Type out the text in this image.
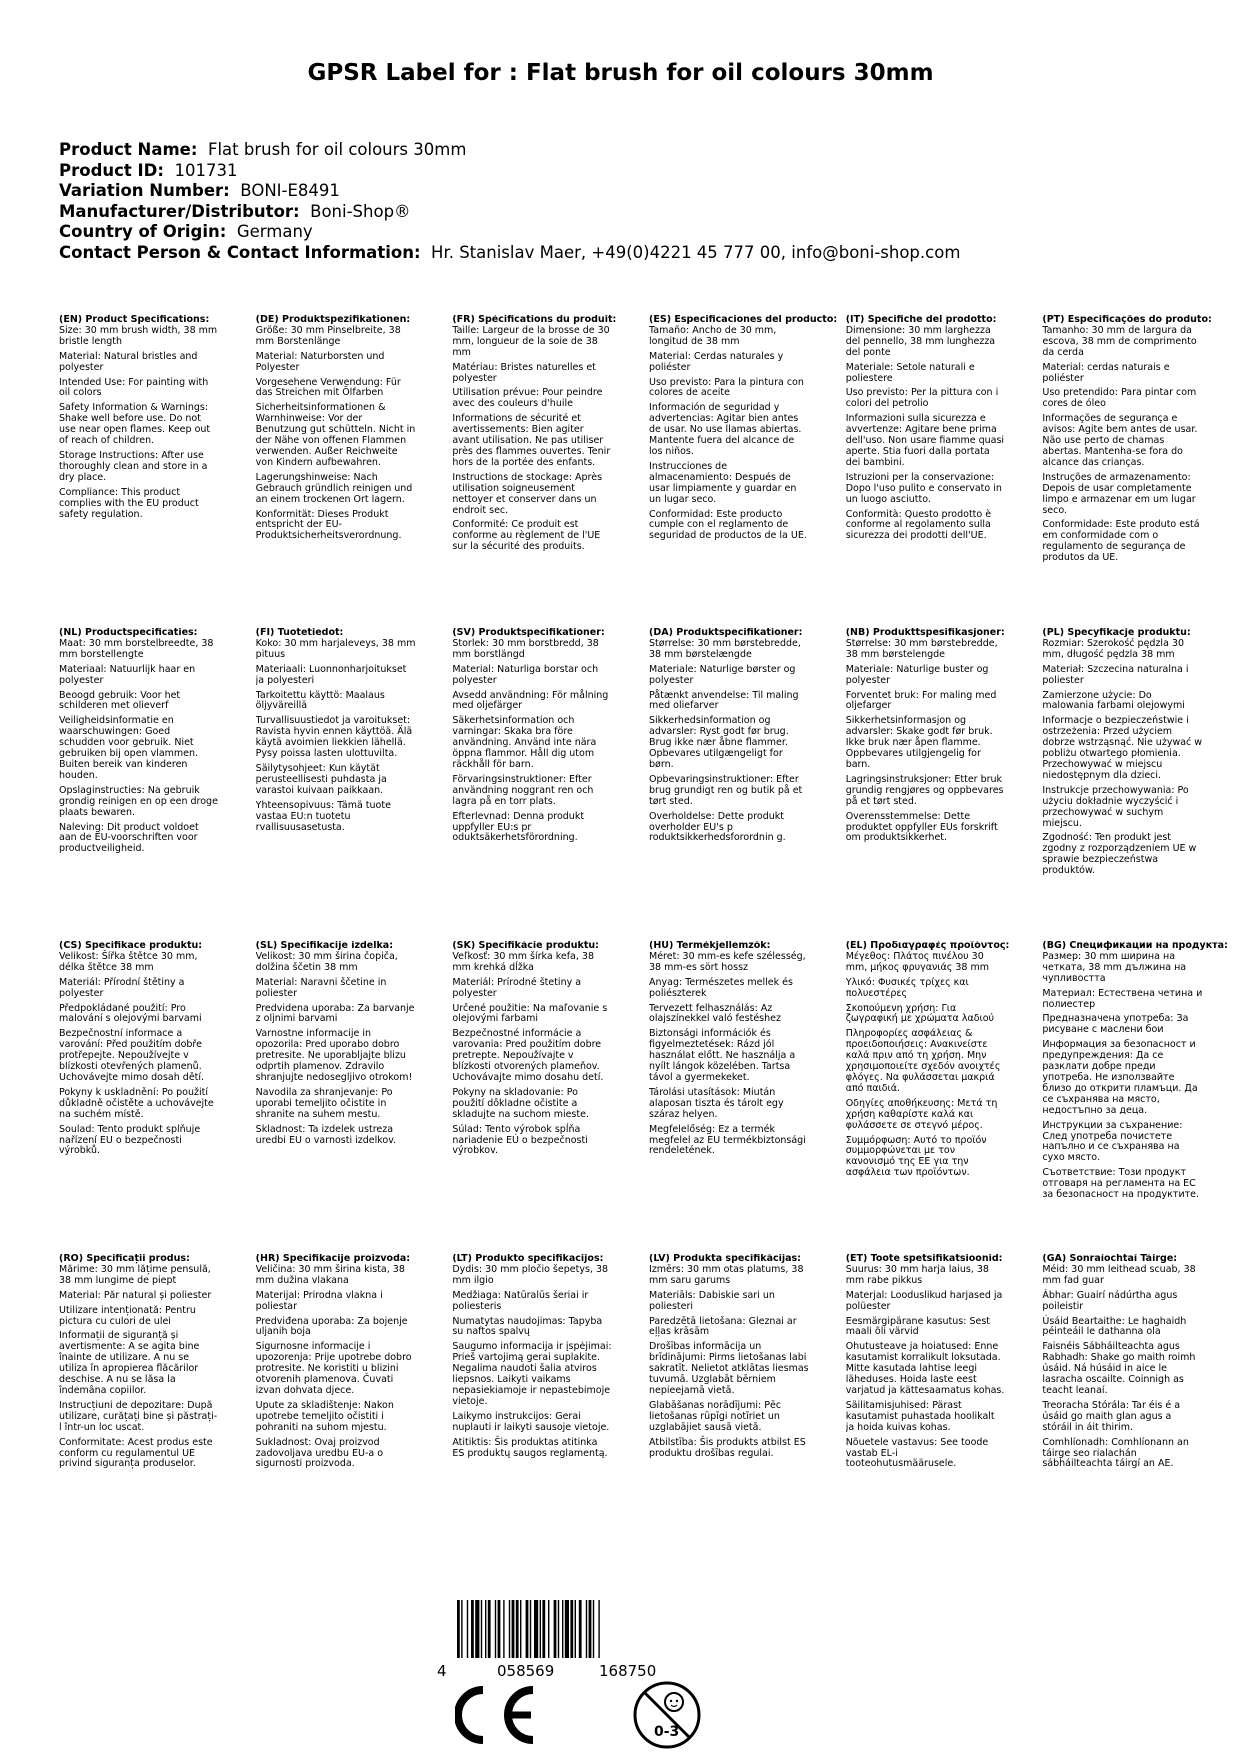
GPSR Label for : Flat brush for oil colours 30mm
Product Name: Flat brush for oil colours 30mm
Product ID: 101731
Variation Number: BONI-E8491
Manufacturer/Distributor: Boni-Shop®
Country of Origin: Germany
Contact Person & Contact Information: Hr. Stanislav Maer, +49(0)4221 45 777 00, info@boni-shop.com
(EN) Product Specifications:

Size: 30 mm brush width, 38 mm bristle length

Material: Natural bristles and polyester

Intended Use: For painting with oil colors

Safety Information & Warnings: Shake well before use. Do not use near open flames. Keep out of reach of children.

Storage Instructions: After use thoroughly clean and store in a dry place.

Compliance: This product complies with the EU product safety regulation.

(DE) Produktspezifikationen:

Größe: 30 mm Pinselbreite, 38 mm Borstenlänge

Material: Naturborsten und Polyester

Vorgesehene Verwendung: Für das Streichen mit Ölfarben

Sicherheitsinformationen & Warnhinweise: Vor der Benutzung gut schütteln. Nicht in der Nähe von offenen Flammen verwenden. Außer Reichweite von Kindern aufbewahren.

Lagerungshinweise: Nach Gebrauch gründlich reinigen und an einem trockenen Ort lagern.

Konformität: Dieses Produkt entspricht der EU-Produktsicherheitsverordnung.

(FR) Spécifications du produit:

Taille: Largeur de la brosse de 30 mm, longueur de la soie de 38 mm

Matériau: Bristes naturelles et polyester

Utilisation prévue: Pour peindre avec des couleurs d'huile

Informations de sécurité et avertissements: Bien agiter avant utilisation. Ne pas utiliser près des flammes ouvertes. Tenir hors de la portée des enfants.

Instructions de stockage: Après utilisation soigneusement nettoyer et conserver dans un endroit sec.

Conformité: Ce produit est conforme au règlement de l'UE sur la sécurité des produits.

(ES) Especificaciones del producto:

Tamaño: Ancho de 30 mm, longitud de 38 mm

Material: Cerdas naturales y poliéster

Uso previsto: Para la pintura con colores de aceite

Información de seguridad y advertencias: Agitar bien antes de usar. No use llamas abiertas. Mantente fuera del alcance de los niños.

Instrucciones de almacenamiento: Después de usar limpiamente y guardar en un lugar seco.

Conformidad: Este producto cumple con el reglamento de seguridad de productos de la UE.

(IT) Specifiche del prodotto:

Dimensione: 30 mm larghezza del pennello, 38 mm lunghezza del ponte

Materiale: Setole naturali e poliestere

Uso previsto: Per la pittura con i colori del petrolio

Informazioni sulla sicurezza e avvertenze: Agitare bene prima dell'uso. Non usare fiamme quasi aperte. Stia fuori dalla portata dei bambini.

Istruzioni per la conservazione: Dopo l'uso pulito e conservato in un luogo asciutto.

Conformità: Questo prodotto è conforme al regolamento sulla sicurezza dei prodotti dell'UE.

(PT) Especificações do produto:

Tamanho: 30 mm de largura da escova, 38 mm de comprimento da cerda

Material: cerdas naturais e poliéster

Uso pretendido: Para pintar com cores de óleo

Informações de segurança e avisos: Agite bem antes de usar. Não use perto de chamas abertas. Mantenha-se fora do alcance das crianças.

Instruções de armazenamento: Depois de usar completamente limpo e armazenar em um lugar seco.

Conformidade: Este produto está em conformidade com o regulamento de segurança de produtos da UE.

(NL) Productspecificaties:

Maat: 30 mm borstelbreedte, 38 mm borstellengte

Materiaal: Natuurlijk haar en polyester

Beoogd gebruik: Voor het schilderen met olieverf

Veiligheidsinformatie en waarschuwingen: Goed schudden voor gebruik. Niet gebruiken bij open vlammen. Buiten bereik van kinderen houden.

Opslaginstructies: Na gebruik grondig reinigen en op een droge plaats bewaren.

Naleving: Dit product voldoet aan de EU-voorschriften voor productveiligheid.

(FI) Tuotetiedot:

Koko: 30 mm harjaleveys, 38 mm pituus

Materiaali: Luonnonharjoitukset ja polyesteri

Tarkoitettu käyttö: Maalaus öljyväreillä

Turvallisuustiedot ja varoitukset: Ravista hyvin ennen käyttöä. Älä käytä avoimien liekkien lähellä. Pysy poissa lasten ulottuvilta.

Säilytysohjeet: Kun käytät perusteellisesti puhdasta ja varastoi kuivaan paikkaan.

Yhteensopivuus: Tämä tuote vastaa EU:n tuotetu rvallisuusasetusta.

(SV) Produktspecifikationer:

Storlek: 30 mm borstbredd, 38 mm borstlängd

Material: Naturliga borstar och polyester

Avsedd användning: För målning med oljefärger

Säkerhetsinformation och varningar: Skaka bra före användning. Använd inte nära öppna flammor. Håll dig utom räckhåll för barn.

Förvaringsinstruktioner: Efter användning noggrant ren och lagra på en torr plats.

Efterlevnad: Denna produkt uppfyller EU:s pr oduktsäkerhetsförordning.

(DA) Produktspecifikationer:

Størrelse: 30 mm børstebredde, 38 mm børstelængde

Materiale: Naturlige børster og polyester

Påtænkt anvendelse: Til maling med oliefarver

Sikkerhedsinformation og advarsler: Ryst godt før brug. Brug ikke nær åbne flammer. Opbevares utilgængeligt for børn.

Opbevaringsinstruktioner: Efter brug grundigt ren og butik på et tørt sted.

Overholdelse: Dette produkt overholder EU's p roduktsikkerhedsforordnin g.

(NB) Produkttspesifikasjoner:

Størrelse: 30 mm børstebredde, 38 mm børstelengde

Materiale: Naturlige buster og polyester

Forventet bruk: For maling med oljefarger

Sikkerhetsinformasjon og advarsler: Skake godt før bruk. Ikke bruk nær åpen flamme. Oppbevares utilgjengelig for barn.

Lagringsinstruksjoner: Etter bruk grundig rengjøres og oppbevares på et tørt sted.

Overensstemmelse: Dette produktet oppfyller EUs forskrift om produktsikkerhet.

(PL) Specyfikacje produktu:

Rozmiar: Szerokość pędzla 30 mm, długość pędzla 38 mm

Materiał: Szczecina naturalna i poliester

Zamierzone użycie: Do malowania farbami olejowymi

Informacje o bezpieczeństwie i ostrzeżenia: Przed użyciem dobrze wstrząsnąć. Nie używać w pobliżu otwartego płomienia. Przechowywać w miejscu niedostępnym dla dzieci.

Instrukcje przechowywania: Po użyciu dokładnie wyczyścić i przechowywać w suchym miejscu.

Zgodność: Ten produkt jest zgodny z rozporządzeniem UE w sprawie bezpieczeństwa produktów.

(CS) Specifikace produktu:

Velikost: Šířka štětce 30 mm, délka štětce 38 mm

Materiál: Přírodní štětiny a polyester

Předpokládané použití: Pro malování s olejovými barvami

Bezpečnostní informace a varování: Před použitím dobře protřepejte. Nepoužívejte v blízkosti otevřených plamenů. Uchovávejte mimo dosah dětí.

Pokyny k uskladnění: Po použití důkladně očistěte a uchovávejte na suchém místě.

Soulad: Tento produkt splňuje nařízení EU o bezpečnosti výrobků.

(SL) Specifikacije izdelka:

Velikost: 30 mm širina čopiča, dolžina ščetin 38 mm

Material: Naravni ščetine in poliester

Predvidena uporaba: Za barvanje z oljnimi barvami

Varnostne informacije in opozorila: Pred uporabo dobro pretresite. Ne uporabljajte blizu odprtih plamenov. Zdravilo shranjujte nedosegljivo otrokom!

Navodila za shranjevanje: Po uporabi temeljito očistite in shranite na suhem mestu.

Skladnost: Ta izdelek ustreza uredbi EU o varnosti izdelkov.

(SK) Špecifikácie produktu:

Veľkosť: 30 mm šírka kefa, 38 mm krehká dĺžka

Materiál: Prírodné štetiny a polyester

Určené použitie: Na maľovanie s olejovými farbami

Bezpečnostné informácie a varovania: Pred použitím dobre pretrepte. Nepoužívajte v blízkosti otvorených plameňov. Uchovávajte mimo dosahu detí.

Pokyny na skladovanie: Po použití dôkladne očistite a skladujte na suchom mieste.

Súlad: Tento výrobok spĺňa nariadenie EÚ o bezpečnosti výrobkov.

(HU) Termékjellemzők:

Méret: 30 mm-es kefe szélesség, 38 mm-es sört hossz

Anyag: Természetes mellek és poliészterek

Tervezett felhasználás: Az olajszínekkel való festéshez

Biztonsági információk és figyelmeztetések: Rázd jól használat előtt. Ne használja a nyílt lángok közelében. Tartsa távol a gyermekeket.

Tárolási utasítások: Miután alaposan tiszta és tárolt egy száraz helyen.

Megfelelőség: Ez a termék megfelel az EU termékbiztonsági rendeletének.

(EL) Προδιαγραφές προϊόντος:

Μέγεθος: Πλάτος πινέλου 30 mm, μήκος φρυγανιάς 38 mm

Υλικό: Φυσικές τρίχες και πολυεστέρες

Σκοπούμενη χρήση: Για ζωγραφική με χρώματα λαδιού

Πληροφορίες ασφάλειας & προειδοποιήσεις: Ανακινείστε καλά πριν από τη χρήση. Μην χρησιμοποιείτε σχεδόν ανοιχτές φλόγες. Να φυλάσσεται μακριά από παιδιά.

Οδηγίες αποθήκευσης: Μετά τη χρήση καθαρίστε καλά και φυλάσσετε σε στεγνό μέρος.

Συμμόρφωση: Αυτό το προϊόν συμμορφώνεται με τον κανονισμό της ΕΕ για την ασφάλεια των προϊόντων.

(BG) Спецификации на продукта:

Размер: 30 mm ширина на четката, 38 mm дължина на чупливостта

Материал: Естествена четина и полиестер

Предназначена употреба: За рисуване с маслени бои

Информация за безопасност и предупреждения: Да се разклати добре преди употреба. Не използвайте близо до открити пламъци. Да се съхранява на място, недостъпно за деца.

Инструкции за съхранение: След употреба почистете напълно и се съхранява на сухо място.

Съответствие: Този продукт отговаря на регламента на ЕС за безопасност на продуктите.

(RO) Specificații produs:

Mărime: 30 mm lățime pensulă, 38 mm lungime de piept

Material: Păr natural și poliester

Utilizare intenționată: Pentru pictura cu culori de ulei

Informații de siguranță și avertismente: A se agita bine înainte de utilizare. A nu se utiliza în apropierea flăcărilor deschise. A nu se lăsa la îndemâna copiilor.

Instrucțiuni de depozitare: După utilizare, curățați bine și păstrați-l într-un loc uscat.

Conformitate: Acest produs este conform cu regulamentul UE privind siguranța produselor.

(HR) Specifikacije proizvoda:

Veličina: 30 mm širina kista, 38 mm dužina vlakana

Materijal: Prirodna vlakna i poliestar

Predviđena uporaba: Za bojenje uljanih boja

Sigurnosne informacije i upozorenja: Prije upotrebe dobro protresite. Ne koristiti u blizini otvorenih plamenova. Čuvati izvan dohvata djece.

Upute za skladištenje: Nakon upotrebe temeljito očistiti i pohraniti na suhom mjestu.

Sukladnost: Ovaj proizvod zadovoljava uredbu EU-a o sigurnosti proizvoda.

(LT) Produkto specifikacijos:

Dydis: 30 mm pločio šepetys, 38 mm ilgio

Medžiaga: Natūralūs šeriai ir poliesteris

Numatytas naudojimas: Tapyba su naftos spalvų

Saugumo informacija ir įspėjimai: Prieš vartojimą gerai suplakite. Negalima naudoti šalia atviros liepsnos. Laikyti vaikams nepasiekiamoje ir nepastebimoje vietoje.

Laikymo instrukcijos: Gerai nuplauti ir laikyti sausoje vietoje.

Atitiktis: Šis produktas atitinka ES produktų saugos reglamentą.

(LV) Produkta specifikācijas:

Izmērs: 30 mm otas platums, 38 mm saru garums

Materiāls: Dabiskie sari un poliesteri

Paredzētā lietošana: Gleznai ar eļļas krāsām

Drošības informācija un brīdinājumi: Pirms lietošanas labi sakratīt. Nelietot atklātas liesmas tuvumā. Uzglabāt bērniem nepieejamā vietā.

Glabāšanas norādījumi: Pēc lietošanas rūpīgi notīriet un uzglabājiet sausā vietā.

Atbilstība: Šis produkts atbilst ES produktu drošības regulai.

(ET) Toote spetsifikatsioonid:

Suurus: 30 mm harja laius, 38 mm rabe pikkus

Materjal: Looduslikud harjased ja polüester

Eesmärgipärane kasutus: Sest maali õli värvid

Ohutusteave ja hoiatused: Enne kasutamist korralikult loksutada. Mitte kasutada lahtise leegi läheduses. Hoida laste eest varjatud ja kättesaamatus kohas.

Säilitamisjuhised: Pärast kasutamist puhastada hoolikalt ja hoida kuivas kohas.

Nõuetele vastavus: See toode vastab EL-i tooteohutusmäärusele.

(GA) Sonraíochtaí Táirge:

Méid: 30 mm leithead scuab, 38 mm fad guar

Ábhar: Guairí nádúrtha agus poileistir

Úsáid Beartaithe: Le haghaidh péinteáil le dathanna ola

Faisnéis Sábháilteachta agus Rabhadh: Shake go maith roimh úsáid. Ná húsáid in aice le lasracha oscailte. Coinnigh as teacht leanaí.

Treoracha Stórála: Tar éis é a úsáid go maith glan agus a stóráil in áit thirim.

Comhlíonadh: Comhlíonann an táirge seo rialachán sábháilteachta táirgí an AE.

4	058569	168750
0-3
